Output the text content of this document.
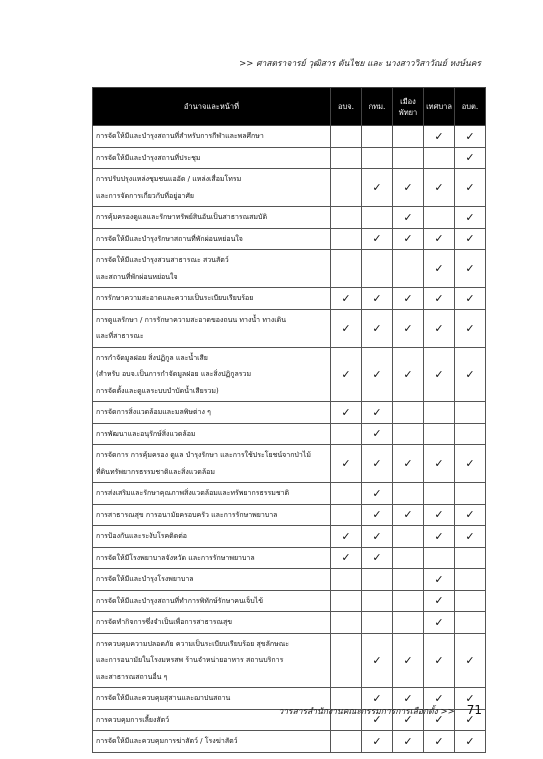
>> ศาสตราจารย์ วุฒิสาร ตันไชย และ นางสาววิสาวัณย์ หงษ์นคร
อำนาจและหน้าที่	อบจ.	กทม.	เมืองพัทยา	เทศบาล	อบต.

การจัดให้มีและบำรุงสถานที่สำหรับการกีฬาและพลศึกษา				✓	✓

การจัดให้มีและบำรุงสถานที่ประชุม					✓

การปรับปรุงแหล่งชุมชนแออัด / แหล่งเสื่อมโทรม
และการจัดการเกี่ยวกับที่อยู่อาศัย		✓	✓	✓	✓

การคุ้มครองดูแลและรักษาทรัพย์สินอันเป็นสาธารณสมบัติ			✓		✓

การจัดให้มีและบำรุงรักษาสถานที่พักผ่อนหย่อนใจ		✓	✓	✓	✓

การจัดให้มีและบำรุงสวนสาธารณะ สวนสัตว์
และสถานที่พักผ่อนหย่อนใจ				✓	✓

การรักษาความสะอาดและความเป็นระเบียบเรียบร้อย	✓	✓	✓	✓	✓

การดูแลรักษา / การรักษาความสะอาดของถนน ทางน้ำ ทางเดิน
และที่สาธารณะ	✓	✓	✓	✓	✓

การกำจัดมูลฝอย สิ่งปฏิกูล และน้ำเสีย
(สำหรับ อบจ.เป็นการกำจัดมูลฝอย และสิ่งปฏิกูลรวม
การจัดตั้งและดูแลระบบบำบัดน้ำเสียรวม)	✓	✓	✓	✓	✓

การจัดการสิ่งแวดล้อมและมลพิษต่าง ๆ	✓	✓			

การพัฒนาและอนุรักษ์สิ่งแวดล้อม		✓			

การจัดการ การคุ้มครอง ดูแล บำรุงรักษา และการใช้ประโยชน์จากป่าไม้
ที่ดินทรัพยากรธรรมชาติและสิ่งแวดล้อม	✓	✓	✓	✓	✓

การส่งเสริมและรักษาคุณภาพสิ่งแวดล้อมและทรัพยากรธรรมชาติ		✓			

การสาธารณสุข การอนามัยครอบครัว และการรักษาพยาบาล		✓	✓	✓	✓

การป้องกันและระงับโรคติดต่อ	✓	✓		✓	✓

การจัดให้มีโรงพยาบาลจังหวัด และการรักษาพยาบาล	✓	✓			

การจัดให้มีและบำรุงโรงพยาบาล				✓	

การจัดให้มีและบำรุงสถานที่ทำการพิทักษ์รักษาคนเจ็บไข้				✓	

การจัดทำกิจการซึ่งจำเป็นเพื่อการสาธารณสุข				✓	

การควบคุมความปลอดภัย ความเป็นระเบียบเรียบร้อย สุขลักษณะ
และการอนามัยในโรงมหรสพ ร้านจำหน่ายอาหาร สถานบริการ
และสาธารณสถานอื่น ๆ		✓	✓	✓	✓

การจัดให้มีและควบคุมสุสานและฌาปนสถาน		✓	✓	✓	✓

การควบคุมการเลี้ยงสัตว์		✓	✓	✓	✓

การจัดให้มีและควบคุมการฆ่าสัตว์ / โรงฆ่าสัตว์		✓	✓	✓	✓
วารสารสำนักงานคณะกรรมการการเลือกตั้ง >> 71
